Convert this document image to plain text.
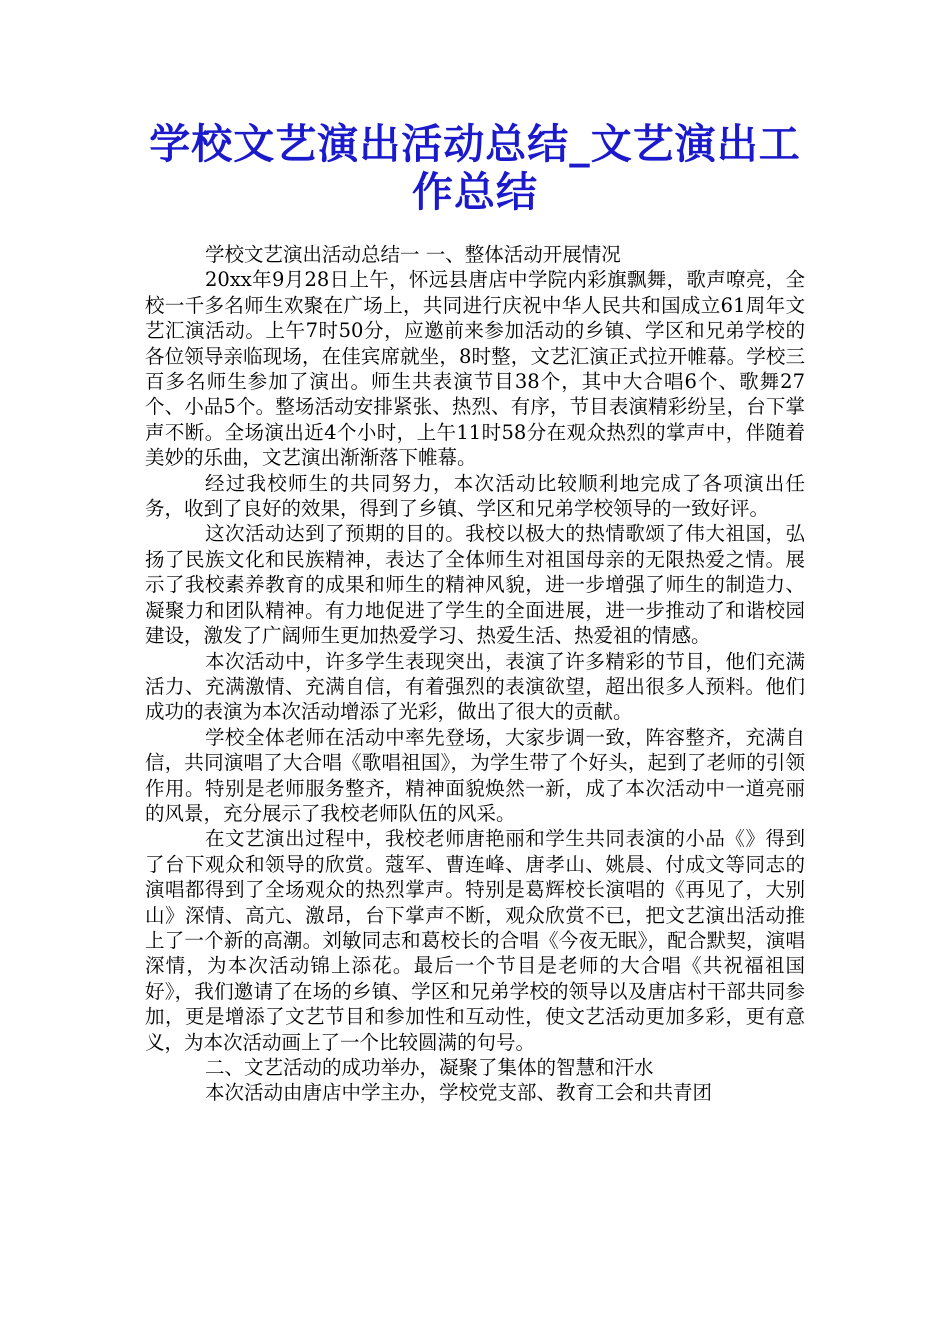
学校文艺演出活动总结_文艺演出工作总结

学校文艺演出活动总结一 一、整体活动开展情况

20xx年9月28日上午，怀远县唐店中学院内彩旗飘舞，歌声嘹亮，全校一千多名师生欢聚在广场上，共同进行庆祝中华人民共和国成立61周年文艺汇演活动。上午7时50分，应邀前来参加活动的乡镇、学区和兄弟学校的各位领导亲临现场，在佳宾席就坐，8时整，文艺汇演正式拉开帷幕。学校三百多名师生参加了演出。师生共表演节目38个，其中大合唱6个、歌舞27个、小品5个。整场活动安排紧张、热烈、有序，节目表演精彩纷呈，台下掌声不断。全场演出近4个小时，上午11时58分在观众热烈的掌声中，伴随着美妙的乐曲，文艺演出渐渐落下帷幕。

经过我校师生的共同努力，本次活动比较顺利地完成了各项演出任务，收到了良好的效果，得到了乡镇、学区和兄弟学校领导的一致好评。

这次活动达到了预期的目的。我校以极大的热情歌颂了伟大祖国，弘扬了民族文化和民族精神，表达了全体师生对祖国母亲的无限热爱之情。展示了我校素养教育的成果和师生的精神风貌，进一步增强了师生的制造力、凝聚力和团队精神。有力地促进了学生的全面进展，进一步推动了和谐校园建设，激发了广阔师生更加热爱学习、热爱生活、热爱祖的情感。

本次活动中，许多学生表现突出，表演了许多精彩的节目，他们充满活力、充满激情、充满自信，有着强烈的表演欲望，超出很多人预料。他们成功的表演为本次活动增添了光彩，做出了很大的贡献。

学校全体老师在活动中率先登场，大家步调一致，阵容整齐，充满自信，共同演唱了大合唱《歌唱祖国》，为学生带了个好头，起到了老师的引领作用。特别是老师服务整齐，精神面貌焕然一新，成了本次活动中一道亮丽的风景，充分展示了我校老师队伍的风采。

在文艺演出过程中，我校老师唐艳丽和学生共同表演的小品《》得到了台下观众和领导的欣赏。蔻军、曹连峰、唐孝山、姚晨、付成文等同志的演唱都得到了全场观众的热烈掌声。特别是葛辉校长演唱的《再见了，大别山》深情、高亢、激昂，台下掌声不断，观众欣赏不已，把文艺演出活动推上了一个新的高潮。刘敏同志和葛校长的合唱《今夜无眠》，配合默契，演唱深情，为本次活动锦上添花。最后一个节目是老师的大合唱《共祝福祖国好》，我们邀请了在场的乡镇、学区和兄弟学校的领导以及唐店村干部共同参加，更是增添了文艺节目和参加性和互动性，使文艺活动更加多彩，更有意义，为本次活动画上了一个比较圆满的句号。

二、文艺活动的成功举办，凝聚了集体的智慧和汗水

本次活动由唐店中学主办，学校党支部、教育工会和共青团
